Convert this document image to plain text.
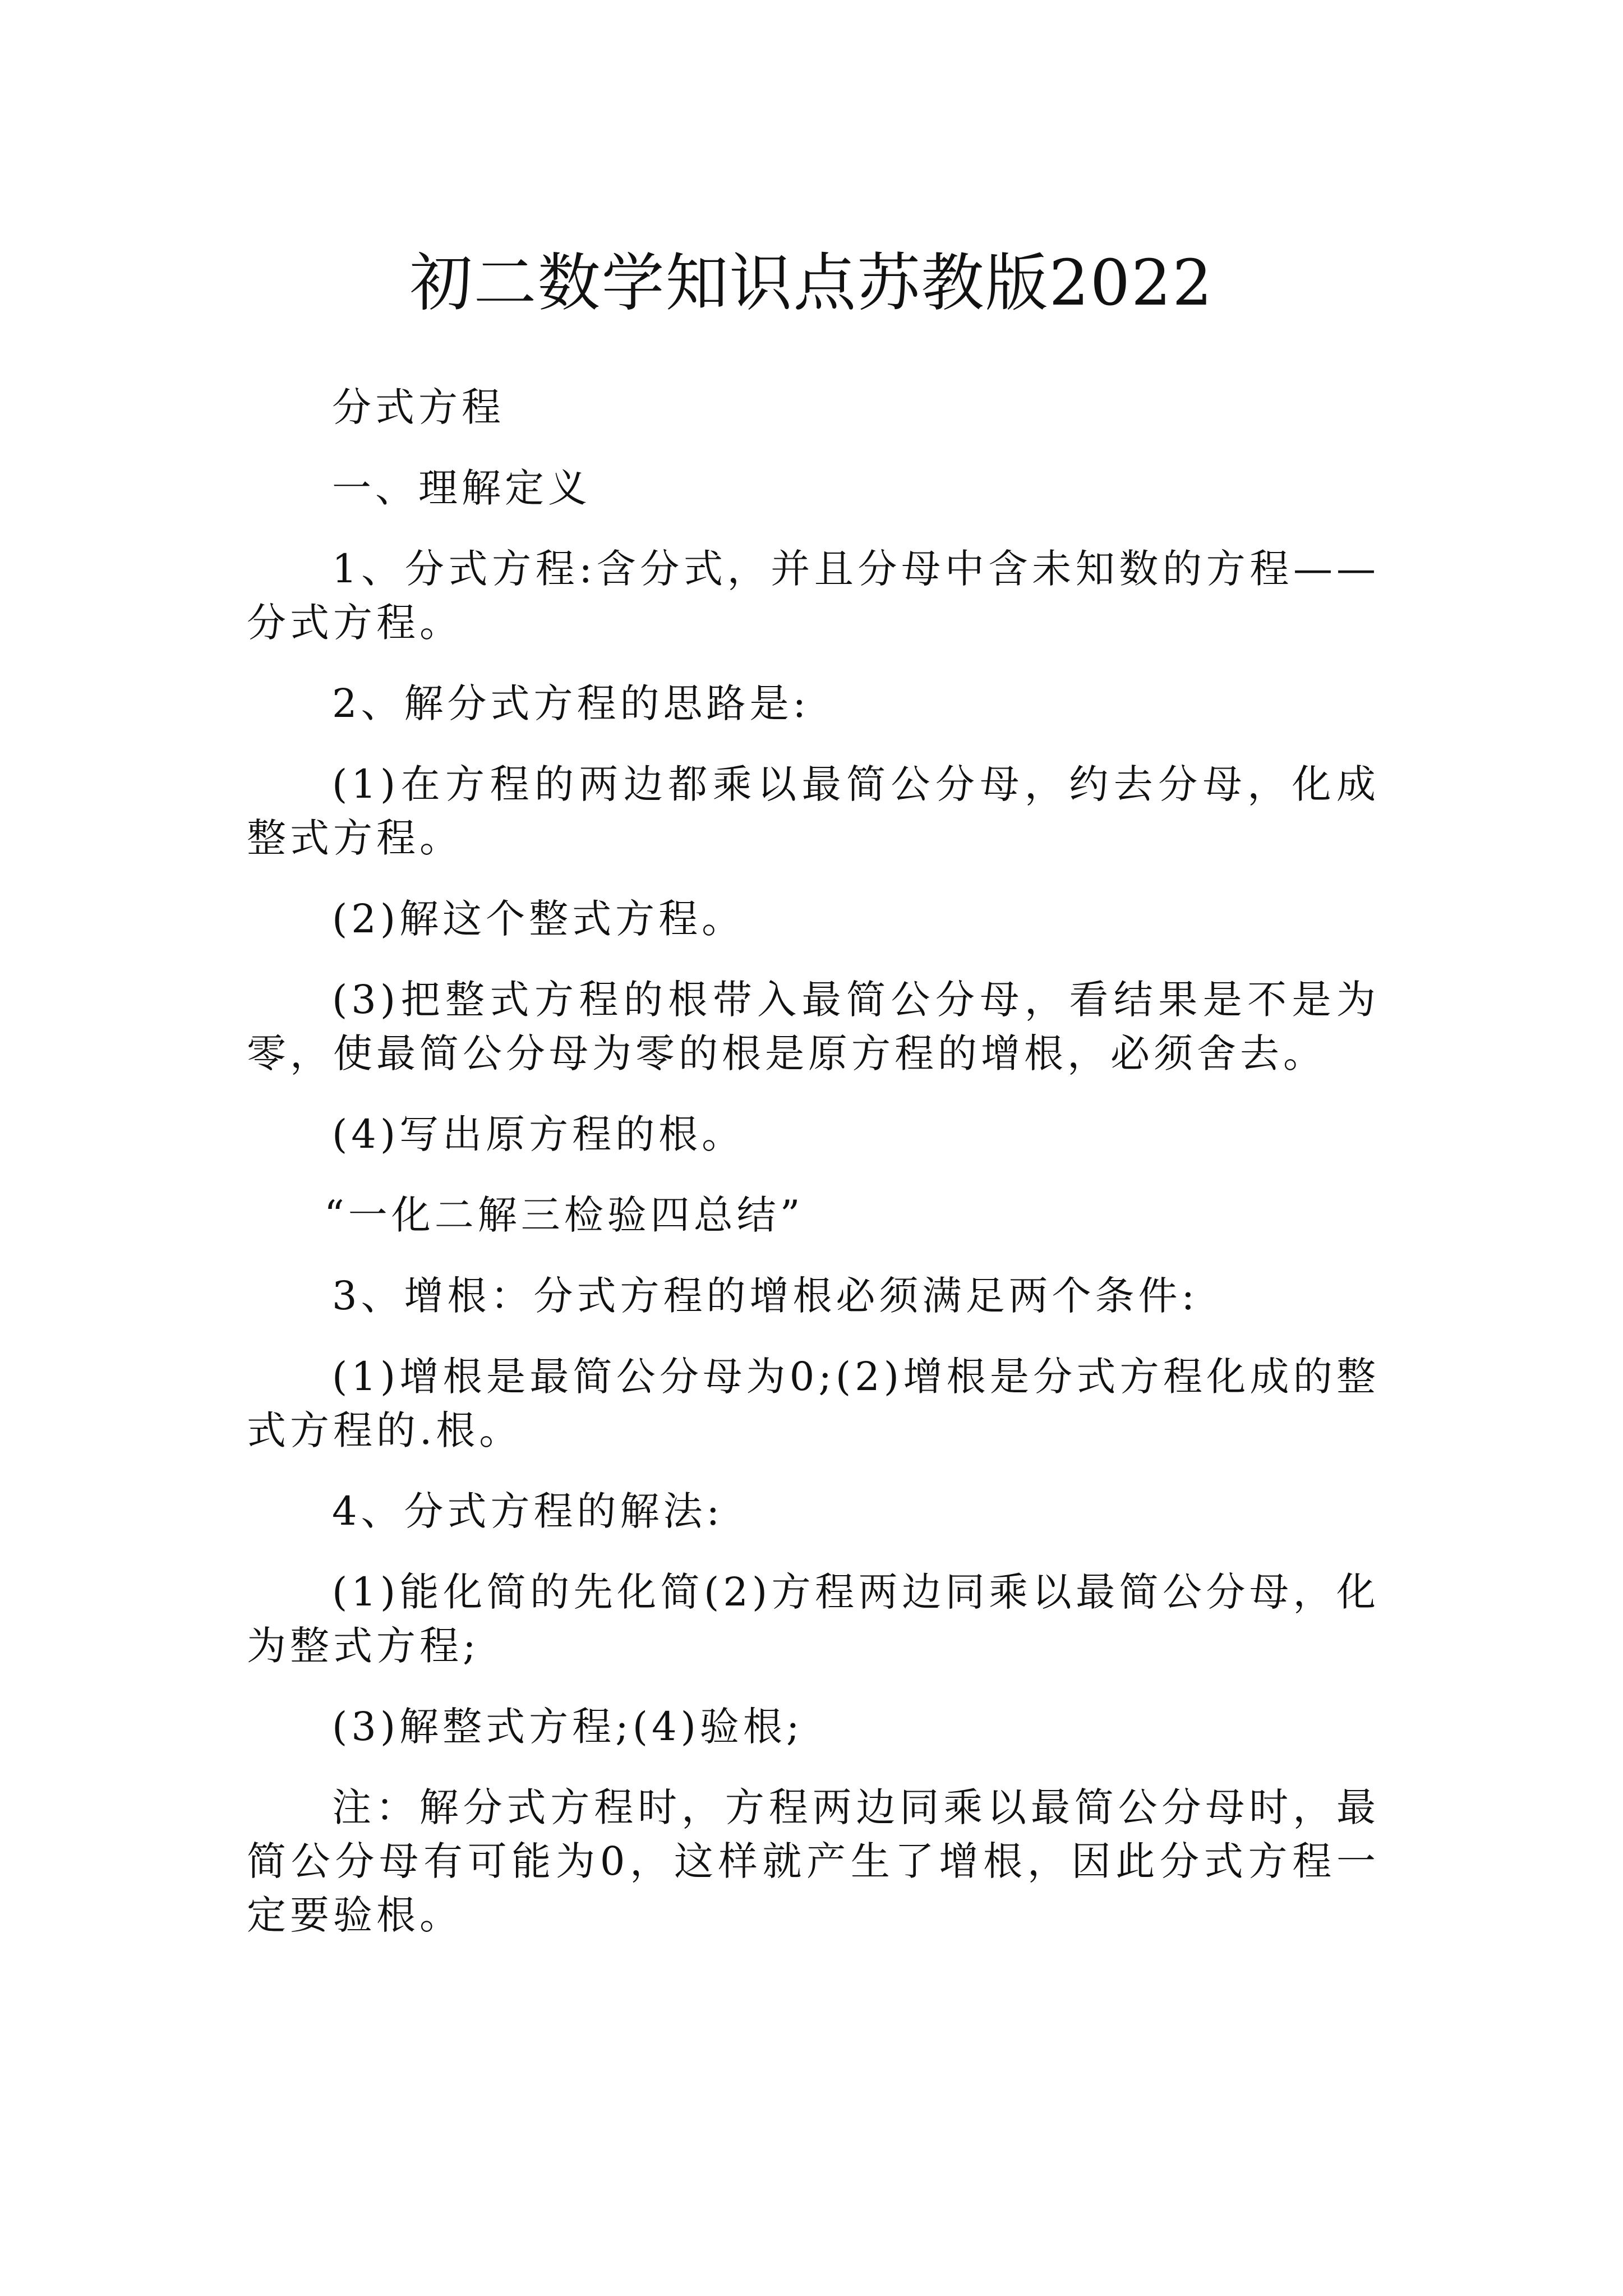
初二数学知识点苏教版2022

分式方程

一、理解定义

1、分式方程:含分式，并且分母中含未知数的方程——分式方程。

2、解分式方程的思路是:

(1)在方程的两边都乘以最简公分母，约去分母，化成整式方程。

(2)解这个整式方程。

(3)把整式方程的根带入最简公分母，看结果是不是为零，使最简公分母为零的根是原方程的增根，必须舍去。

(4)写出原方程的根。

“一化二解三检验四总结”

3、增根：分式方程的增根必须满足两个条件:

(1)增根是最简公分母为0;(2)增根是分式方程化成的整式方程的.根。

4、分式方程的解法:

(1)能化简的先化简(2)方程两边同乘以最简公分母，化为整式方程;

(3)解整式方程;(4)验根;

注：解分式方程时，方程两边同乘以最简公分母时，最简公分母有可能为0，这样就产生了增根，因此分式方程一定要验根。
